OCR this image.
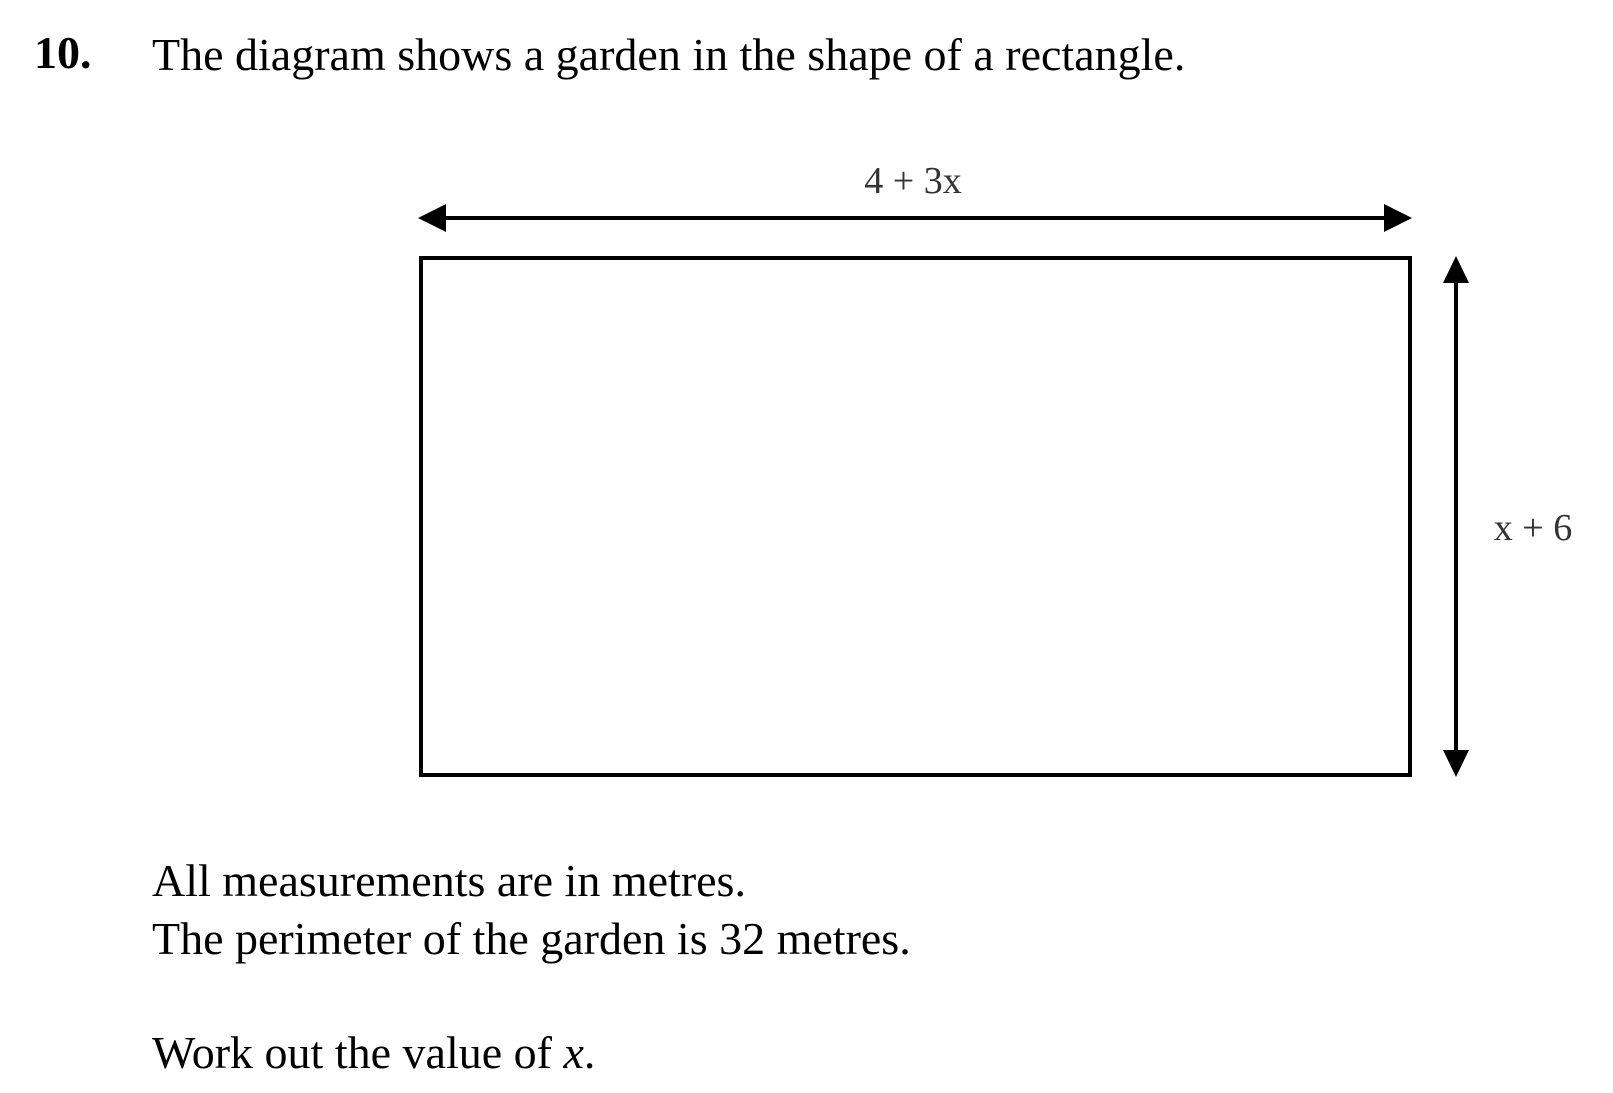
10. The diagram shows a garden in the shape of a rectangle.
4 + 3x
x + 6
All measurements are in metres.
The perimeter of the garden is 32 metres.
Work out the value of x.
